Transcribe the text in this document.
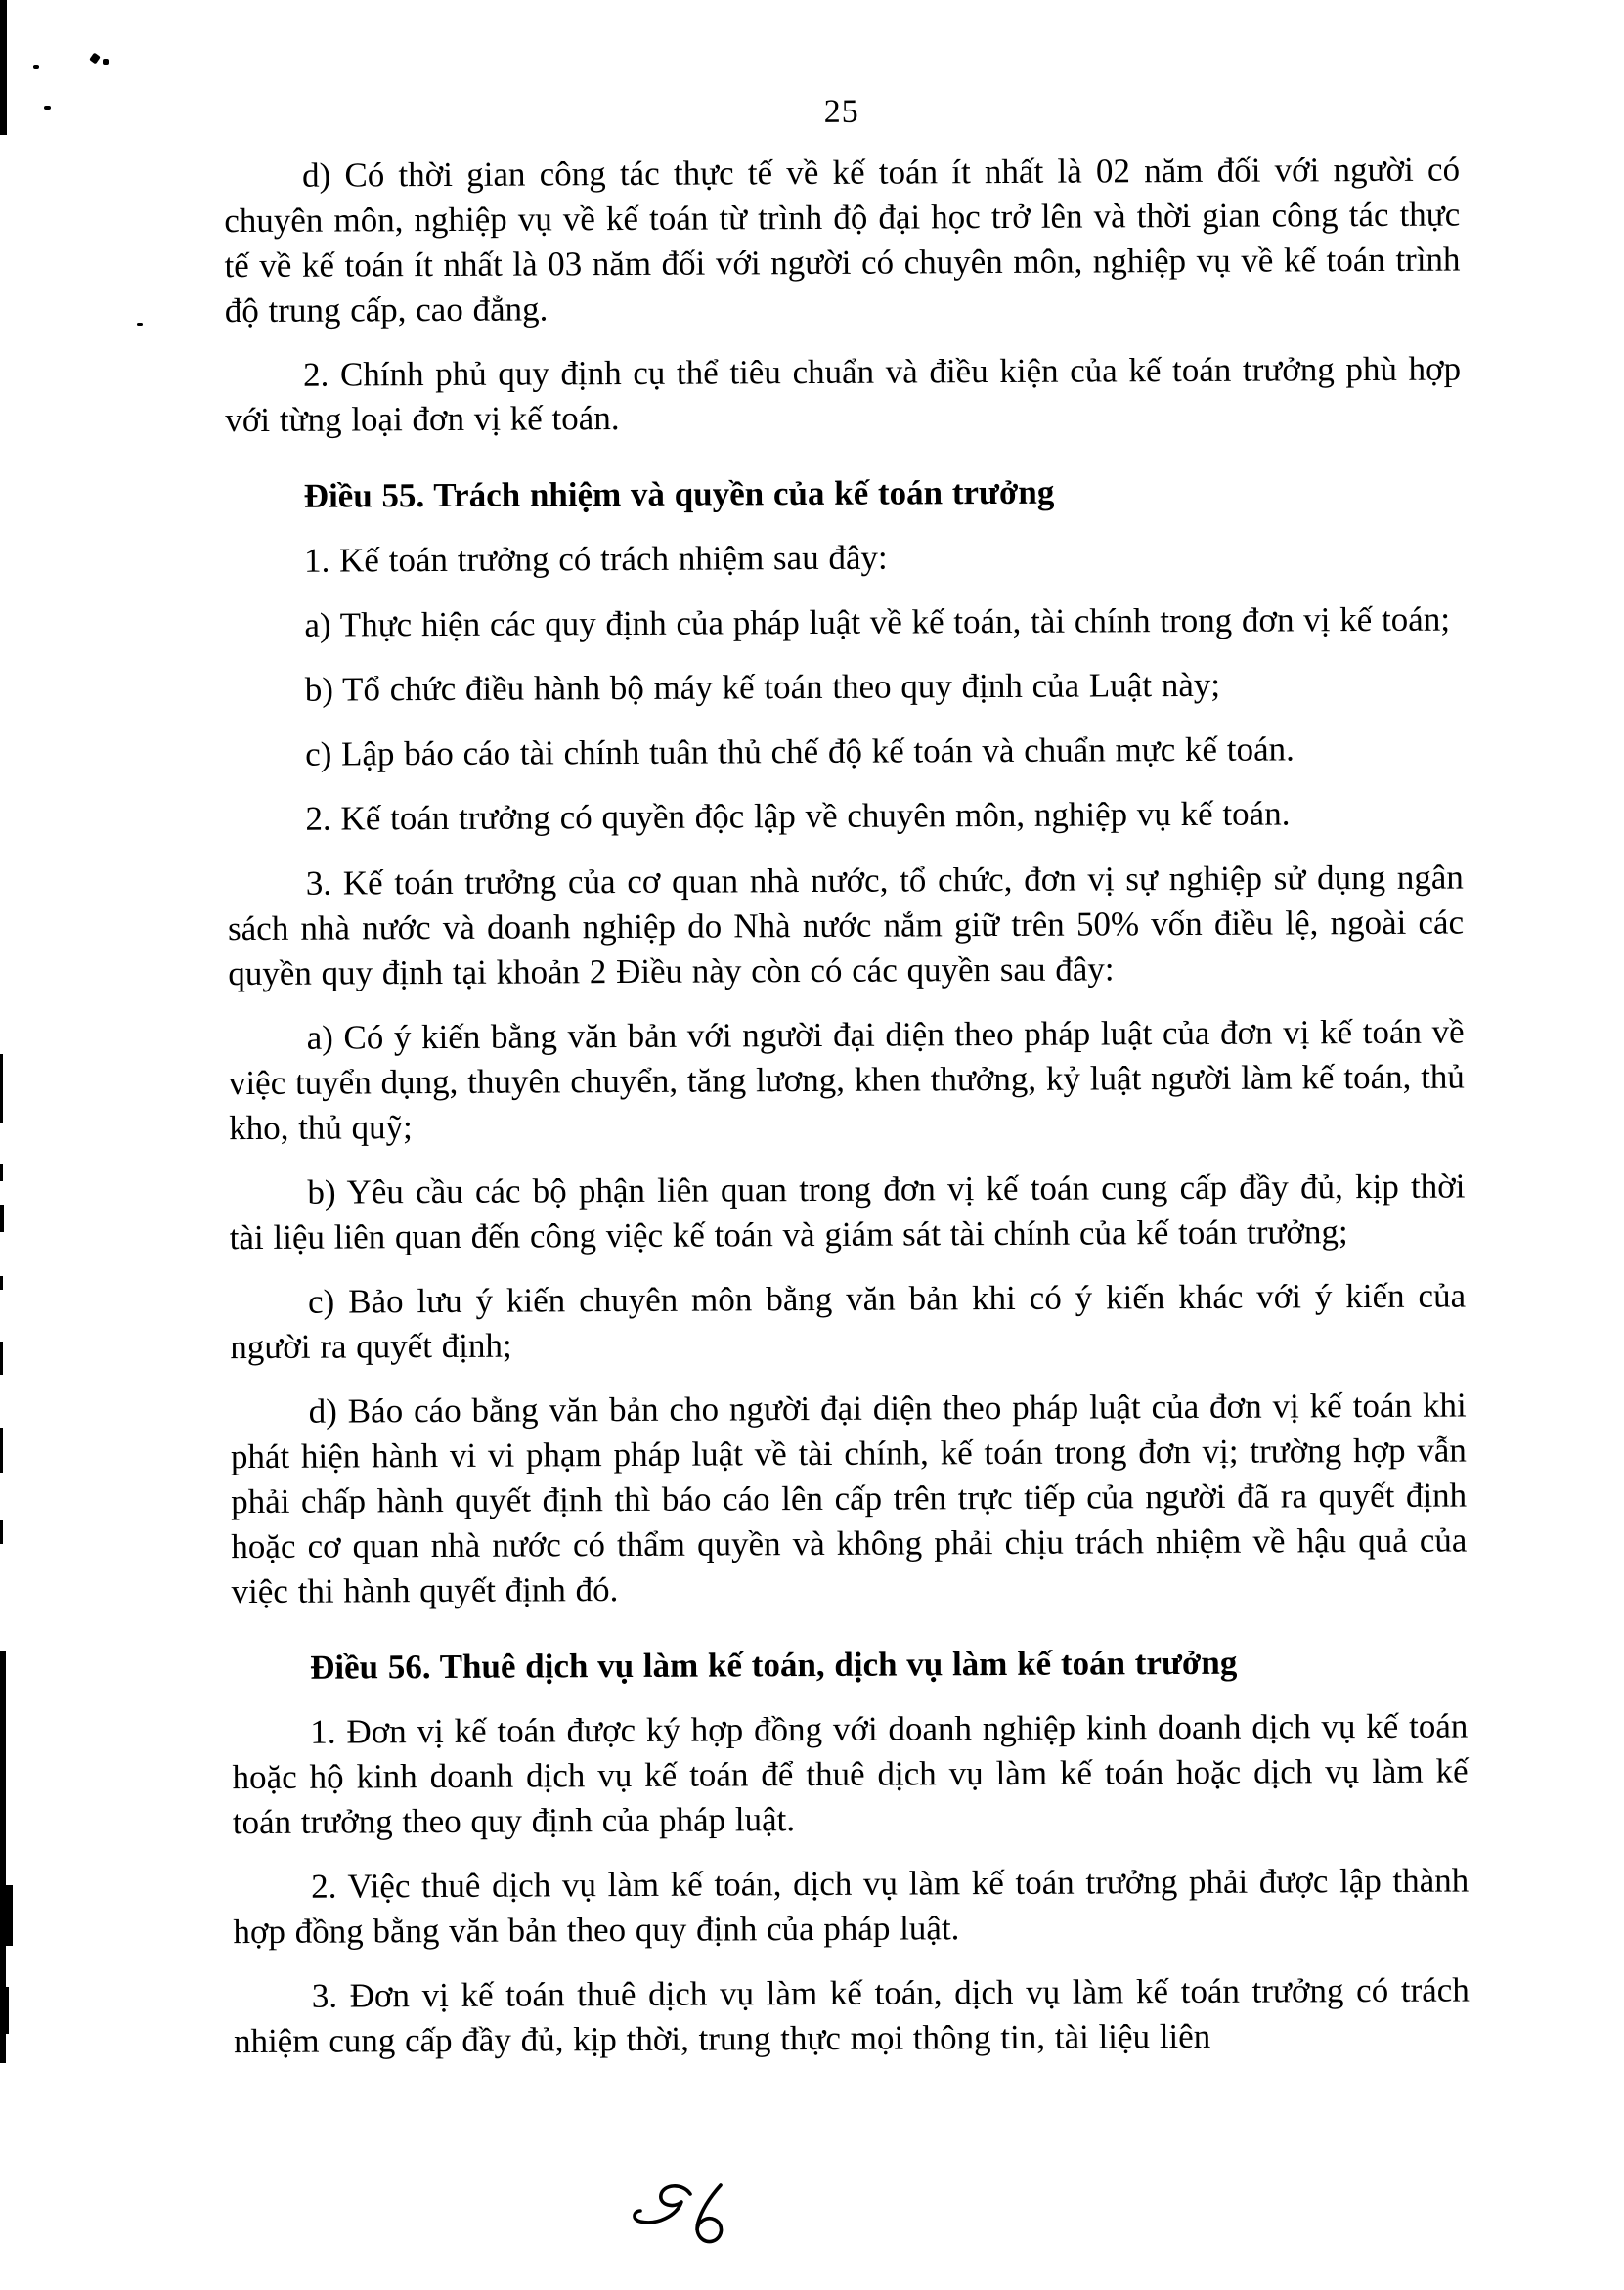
25

d) Có thời gian công tác thực tế về kế toán ít nhất là 02 năm đối với người có chuyên môn, nghiệp vụ về kế toán từ trình độ đại học trở lên và thời gian công tác thực tế về kế toán ít nhất là 03 năm đối với người có chuyên môn, nghiệp vụ về kế toán trình độ trung cấp, cao đẳng.

2. Chính phủ quy định cụ thể tiêu chuẩn và điều kiện của kế toán trưởng phù hợp với từng loại đơn vị kế toán.

Điều 55. Trách nhiệm và quyền của kế toán trưởng

1. Kế toán trưởng có trách nhiệm sau đây:

a) Thực hiện các quy định của pháp luật về kế toán, tài chính trong đơn vị kế toán;

b) Tổ chức điều hành bộ máy kế toán theo quy định của Luật này;

c) Lập báo cáo tài chính tuân thủ chế độ kế toán và chuẩn mực kế toán.

2. Kế toán trưởng có quyền độc lập về chuyên môn, nghiệp vụ kế toán.

3. Kế toán trưởng của cơ quan nhà nước, tổ chức, đơn vị sự nghiệp sử dụng ngân sách nhà nước và doanh nghiệp do Nhà nước nắm giữ trên 50% vốn điều lệ, ngoài các quyền quy định tại khoản 2 Điều này còn có các quyền sau đây:

a) Có ý kiến bằng văn bản với người đại diện theo pháp luật của đơn vị kế toán về việc tuyển dụng, thuyên chuyển, tăng lương, khen thưởng, kỷ luật người làm kế toán, thủ kho, thủ quỹ;

b) Yêu cầu các bộ phận liên quan trong đơn vị kế toán cung cấp đầy đủ, kịp thời tài liệu liên quan đến công việc kế toán và giám sát tài chính của kế toán trưởng;

c) Bảo lưu ý kiến chuyên môn bằng văn bản khi có ý kiến khác với ý kiến của người ra quyết định;

d) Báo cáo bằng văn bản cho người đại diện theo pháp luật của đơn vị kế toán khi phát hiện hành vi vi phạm pháp luật về tài chính, kế toán trong đơn vị; trường hợp vẫn phải chấp hành quyết định thì báo cáo lên cấp trên trực tiếp của người đã ra quyết định hoặc cơ quan nhà nước có thẩm quyền và không phải chịu trách nhiệm về hậu quả của việc thi hành quyết định đó.

Điều 56. Thuê dịch vụ làm kế toán, dịch vụ làm kế toán trưởng

1. Đơn vị kế toán được ký hợp đồng với doanh nghiệp kinh doanh dịch vụ kế toán hoặc hộ kinh doanh dịch vụ kế toán để thuê dịch vụ làm kế toán hoặc dịch vụ làm kế toán trưởng theo quy định của pháp luật.

2. Việc thuê dịch vụ làm kế toán, dịch vụ làm kế toán trưởng phải được lập thành hợp đồng bằng văn bản theo quy định của pháp luật.

3. Đơn vị kế toán thuê dịch vụ làm kế toán, dịch vụ làm kế toán trưởng có trách nhiệm cung cấp đầy đủ, kịp thời, trung thực mọi thông tin, tài liệu liên
